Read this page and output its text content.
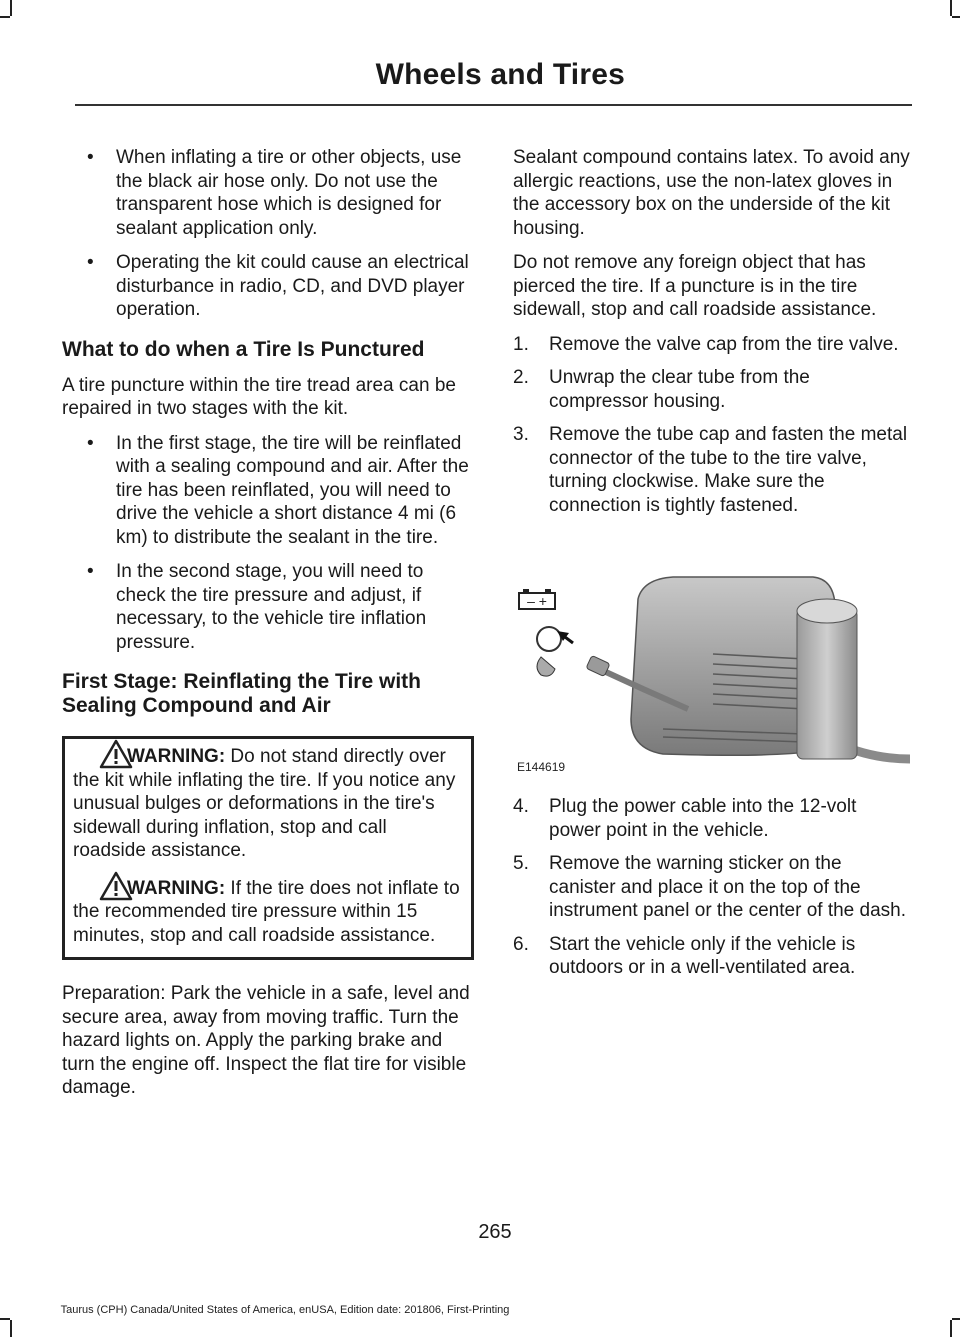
Wheels and Tires
• When inflating a tire or other objects, use the black air hose only. Do not use the transparent hose which is designed for sealant application only.
• Operating the kit could cause an electrical disturbance in radio, CD, and DVD player operation.
What to do when a Tire Is Punctured

A tire puncture within the tire tread area can be repaired in two stages with the kit.

• In the first stage, the tire will be reinflated with a sealing compound and air. After the tire has been reinflated, you will need to drive the vehicle a short distance 4 mi (6 km) to distribute the sealant in the tire.
• In the second stage, you will need to check the tire pressure and adjust, if necessary, to the vehicle tire inflation pressure.
First Stage: Reinflating the Tire with Sealing Compound and Air
WARNING: Do not stand directly over the kit while inflating the tire. If you notice any unusual bulges or deformations in the tire's sidewall during inflation, stop and call roadside assistance.
WARNING: If the tire does not inflate to the recommended tire pressure within 15 minutes, stop and call roadside assistance.

Preparation: Park the vehicle in a safe, level and secure area, away from moving traffic. Turn the hazard lights on. Apply the parking brake and turn the engine off. Inspect the flat tire for visible damage.

Sealant compound contains latex. To avoid any allergic reactions, use the non-latex gloves in the accessory box on the underside of the kit housing.

Do not remove any foreign object that has pierced the tire. If a puncture is in the tire sidewall, stop and call roadside assistance.

1. Remove the valve cap from the tire valve.
2. Unwrap the clear tube from the compressor housing.
3. Remove the tube cap and fasten the metal connector of the tube to the tire valve, turning clockwise. Make sure the connection is tightly fastened.
– +
E144619
4. Plug the power cable into the 12-volt power point in the vehicle.
5. Remove the warning sticker on the canister and place it on the top of the instrument panel or the center of the dash.
6. Start the vehicle only if the vehicle is outdoors or in a well-ventilated area.
265
Taurus (CPH) Canada/United States of America, enUSA, Edition date: 201806, First-Printing
